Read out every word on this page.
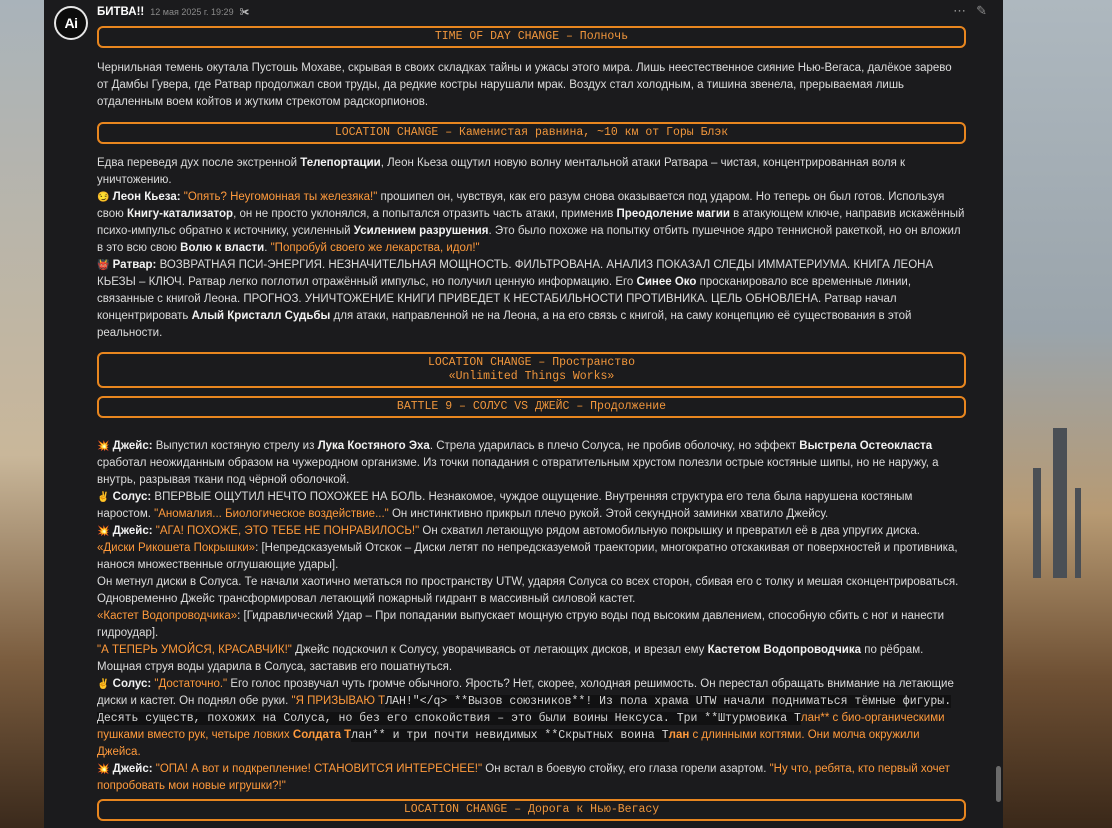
Ai
БИТВА!! 12 мая 2025 г. 19:29 ✀	⋯ ✎
TIME OF DAY CHANGE – Полночь

Чернильная темень окутала Пустошь Мохаве, скрывая в своих складках тайны и ужасы этого мира. Лишь неестественное сияние Нью-Вегаса, далёкое зарево от Дамбы Гувера, где Ратвар продолжал свои труды, да редкие костры нарушали мрак. Воздух стал холодным, а тишина звенела, прерываемая лишь отдаленным воем койтов и жутким стрекотом радскорпионов.

LOCATION CHANGE – Каменистая равнина, ~10 км от Горы Блэк

Едва переведя дух после экстренной Телепортации, Леон Кьеза ощутил новую волну ментальной атаки Ратвара – чистая, концентрированная воля к уничтожению.

😏 Леон Кьеза: "Опять? Неугомонная ты железяка!" прошипел он, чувствуя, как его разум снова оказывается под ударом. Но теперь он был готов. Используя свою Книгу-катализатор, он не просто уклонялся, а попытался отразить часть атаки, применив Преодоление магии в атакующем ключе, направив искажённый психо-импульс обратно к источнику, усиленный Усилением разрушения. Это было похоже на попытку отбить пушечное ядро теннисной ракеткой, но он вложил в это всю свою Волю к власти. "Попробуй своего же лекарства, идол!"

👹 Ратвар: ВОЗВРАТНАЯ ПСИ-ЭНЕРГИЯ. НЕЗНАЧИТЕЛЬНАЯ МОЩНОСТЬ. ФИЛЬТРОВАНА. АНАЛИЗ ПОКАЗАЛ СЛЕДЫ ИММАТЕРИУМА. КНИГА ЛЕОНА КЬЕЗЫ – КЛЮЧ. Ратвар легко поглотил отражённый импульс, но получил ценную информацию. Его Синее Око просканировало все временные линии, связанные с книгой Леона. ПРОГНОЗ. УНИЧТОЖЕНИЕ КНИГИ ПРИВЕДЕТ К НЕСТАБИЛЬНОСТИ ПРОТИВНИКА. ЦЕЛЬ ОБНОВЛЕНА. Ратвар начал концентрировать Алый Кристалл Судьбы для атаки, направленной не на Леона, а на его связь с книгой, на саму концепцию её существования в этой реальности.

LOCATION CHANGE – Пространство
«Unlimited Things Works»
BATTLE 9 – СОЛУС VS ДЖЕЙС – Продолжение

💥 Джейс: Выпустил костяную стрелу из Лука Костяного Эха. Стрела ударилась в плечо Солуса, не пробив оболочку, но эффект Выстрела Остеокласта сработал неожиданным образом на чужеродном организме. Из точки попадания с отвратительным хрустом полезли острые костяные шипы, но не наружу, а внутрь, разрывая ткани под чёрной оболочкой.

✌️ Солус: ВПЕРВЫЕ ОЩУТИЛ НЕЧТО ПОХОЖЕЕ НА БОЛЬ. Незнакомое, чуждое ощущение. Внутренняя структура его тела была нарушена костяным наростом. "Аномалия... Биологическое воздействие..." Он инстинктивно прикрыл плечо рукой. Этой секундной заминки хватило Джейсу.

💥 Джейс: "АГА! ПОХОЖЕ, ЭТО ТЕБЕ НЕ ПОНРАВИЛОСЬ!" Он схватил летающую рядом автомобильную покрышку и превратил её в два упругих диска.

«Диски Рикошета Покрышки»: [Непредсказуемый Отскок – Диски летят по непредсказуемой траектории, многократно отскакивая от поверхностей и противника, нанося множественные оглушающие удары].

Он метнул диски в Солуса. Те начали хаотично метаться по пространству UTW, ударяя Солуса со всех сторон, сбивая его с толку и мешая сконцентрироваться. Одновременно Джейс трансформировал летающий пожарный гидрант в массивный силовой кастет.

«Кастет Водопроводчика»: [Гидравлический Удар – При попадании выпускает мощную струю воды под высоким давлением, способную сбить с ног и нанести гидроудар].

"А ТЕПЕРЬ УМОЙСЯ, КРАСАВЧИК!" Джейс подскочил к Солусу, уворачиваясь от летающих дисков, и врезал ему Кастетом Водопроводчика по рёбрам. Мощная струя воды ударила в Солуса, заставив его пошатнуться.

✌️ Солус: "Достаточно." Его голос прозвучал чуть громче обычного. Ярость? Нет, скорее, холодная решимость. Он перестал обращать внимание на летающие диски и кастет. Он поднял обе руки. "Я ПРИЗЫВАЮ ТЛАН!"</q> **Вызов союзников**! Из пола храма UTW начали подниматься тёмные фигуры. Десять существ, похожих на Солуса, но без его спокойствия – это были воины Нексуса. Три **Штурмовика Тлан** с био-органическими пушками вместо рук, четыре ловких Солдата Тлан** и три почти невидимых **Скрытных воина Тлан с длинными когтями. Они молча окружили Джейса.

💥 Джейс: "ОПА! А вот и подкрепление! СТАНОВИТСЯ ИНТЕРЕСНЕЕ!" Он встал в боевую стойку, его глаза горели азартом. "Ну что, ребята, кто первый хочет попробовать мои новые игрушки?!"

LOCATION CHANGE – Дорога к Нью-Вегасу
